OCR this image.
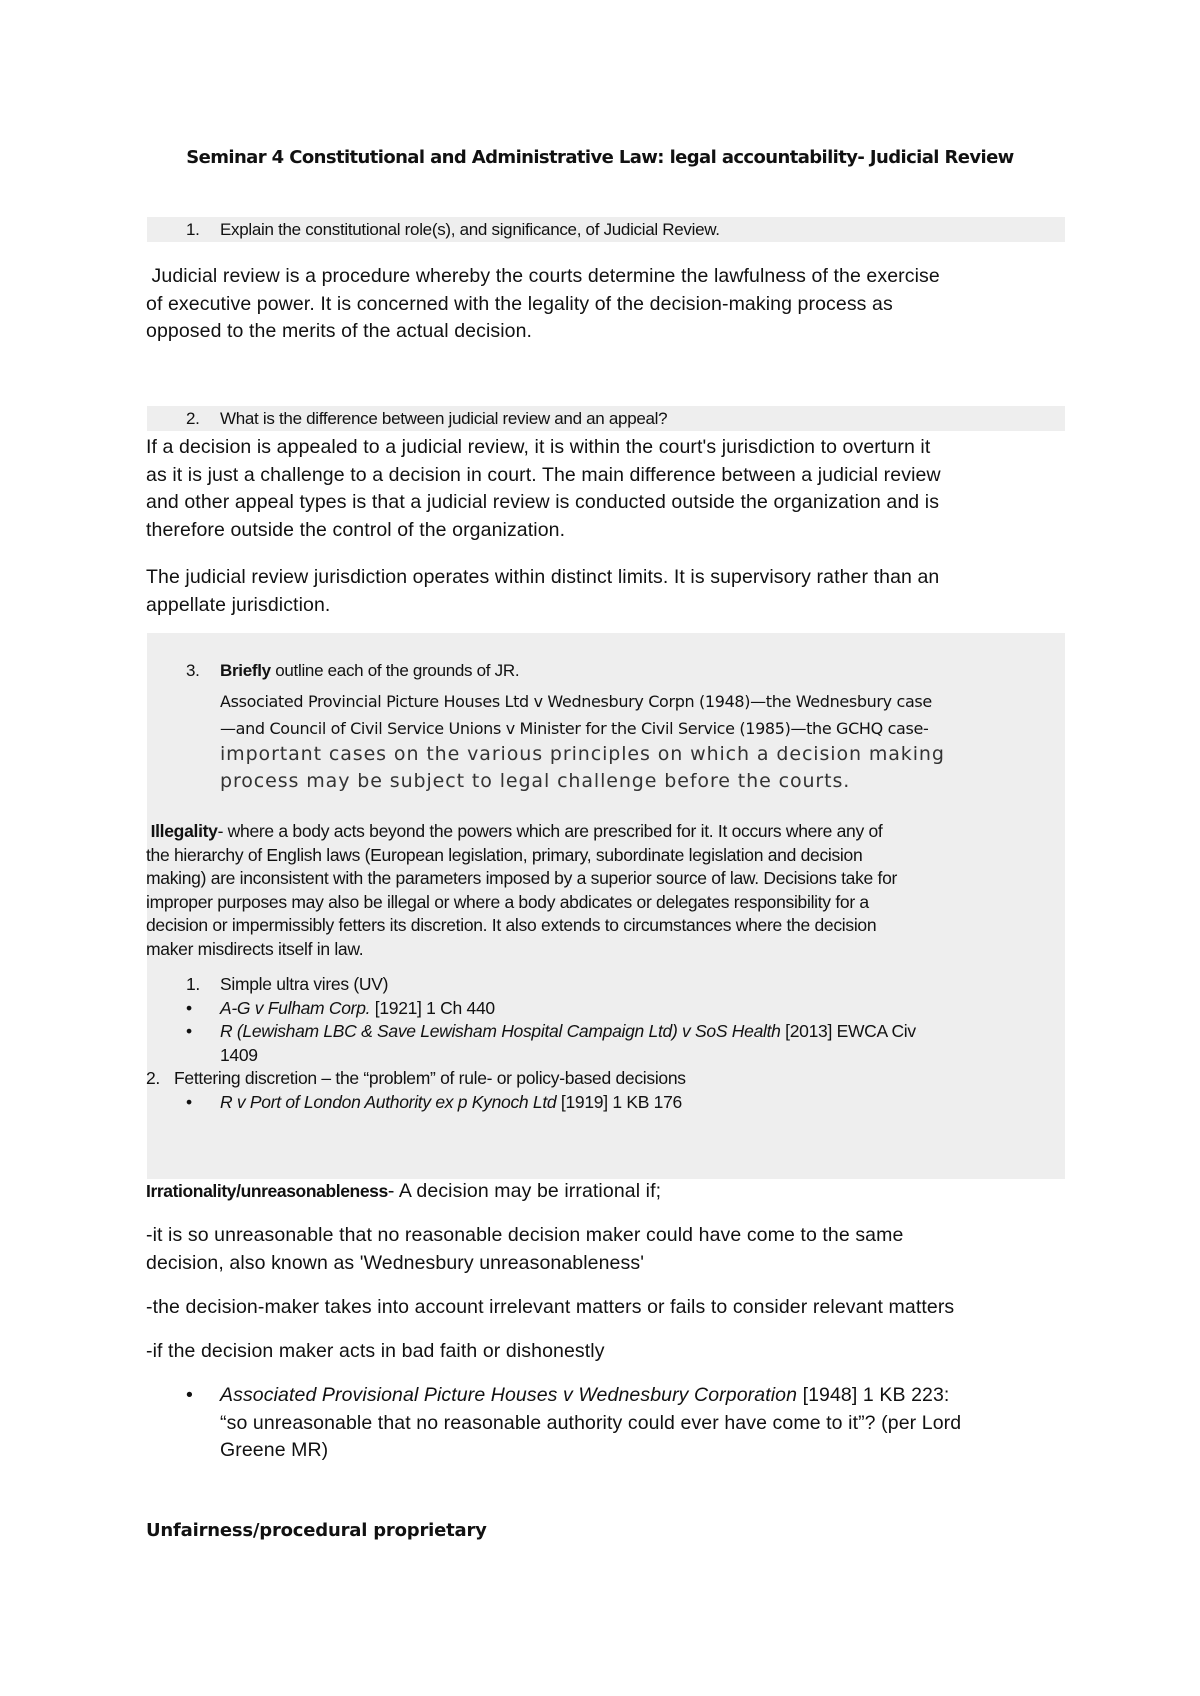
Seminar 4 Constitutional and Administrative Law: legal accountability- Judicial Review
1. Explain the constitutional role(s), and significance, of Judicial Review.
Judicial review is a procedure whereby the courts determine the lawfulness of the exercise
of executive power. It is concerned with the legality of the decision-making process as
opposed to the merits of the actual decision.
2. What is the difference between judicial review and an appeal?
If a decision is appealed to a judicial review, it is within the court's jurisdiction to overturn it
as it is just a challenge to a decision in court. The main difference between a judicial review
and other appeal types is that a judicial review is conducted outside the organization and is
therefore outside the control of the organization.
The judicial review jurisdiction operates within distinct limits. It is supervisory rather than an
appellate jurisdiction.
3. Briefly outline each of the grounds of JR.
Associated Provincial Picture Houses Ltd v Wednesbury Corpn (1948)—the Wednesbury case
—and Council of Civil Service Unions v Minister for the Civil Service (1985)—the GCHQ case-
important cases on the various principles on which a decision making
process may be subject to legal challenge before the courts.
Illegality- where a body acts beyond the powers which are prescribed for it. It occurs where any of
the hierarchy of English laws (European legislation, primary, subordinate legislation and decision
making) are inconsistent with the parameters imposed by a superior source of law. Decisions take for
improper purposes may also be illegal or where a body abdicates or delegates responsibility for a
decision or impermissibly fetters its discretion. It also extends to circumstances where the decision
maker misdirects itself in law.
1. Simple ultra vires (UV)
• A-G v Fulham Corp. [1921] 1 Ch 440
• R (Lewisham LBC & Save Lewisham Hospital Campaign Ltd) v SoS Health [2013] EWCA Civ
1409
2. Fettering discretion – the “problem” of rule- or policy-based decisions
• R v Port of London Authority ex p Kynoch Ltd [1919] 1 KB 176
Irrationality/unreasonableness- A decision may be irrational if;
-it is so unreasonable that no reasonable decision maker could have come to the same
decision, also known as 'Wednesbury unreasonableness'
-the decision-maker takes into account irrelevant matters or fails to consider relevant matters
-if the decision maker acts in bad faith or dishonestly
• Associated Provisional Picture Houses v Wednesbury Corporation [1948] 1 KB 223:
“so unreasonable that no reasonable authority could ever have come to it”? (per Lord
Greene MR)
Unfairness/procedural proprietary
